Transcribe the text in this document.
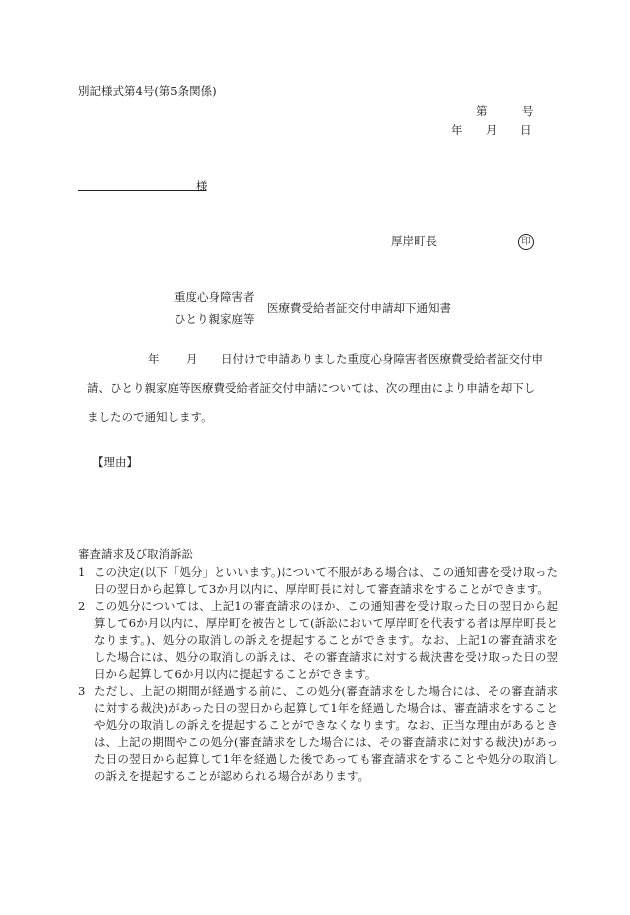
別記様式第4号(第5条関係)
第	号
年 月 日
様
厚岸町長	印
重度心身障害者
ひとり親家庭等
医療費受給者証交付申請却下通知書
年 月 日付けで申請ありました重度心身障害者医療費受給者証交付申
請、ひとり親家庭等医療費受給者証交付申請については、次の理由により申請を却下し
ましたので通知します。
【理由】
審査請求及び取消訴訟

1 この決定(以下「処分」といいます。)について不服がある場合は、この通知書を受け取った日の翌日から起算して3か月以内に、厚岸町長に対して審査請求をすることができます。

2 この処分については、上記1の審査請求のほか、この通知書を受け取った日の翌日から起算して6か月以内に、厚岸町を被告として(訴訟において厚岸町を代表する者は厚岸町長となります。)、処分の取消しの訴えを提起することができます。なお、上記1の審査請求をした場合には、処分の取消しの訴えは、その審査請求に対する裁決書を受け取った日の翌日から起算して6か月以内に提起することができます。

3 ただし、上記の期間が経過する前に、この処分(審査請求をした場合には、その審査請求に対する裁決)があった日の翌日から起算して1年を経過した場合は、審査請求をすることや処分の取消しの訴えを提起することができなくなります。なお、正当な理由があるときは、上記の期間やこの処分(審査請求をした場合には、その審査請求に対する裁決)があった日の翌日から起算して1年を経過した後であっても審査請求をすることや処分の取消しの訴えを提起することが認められる場合があります。
